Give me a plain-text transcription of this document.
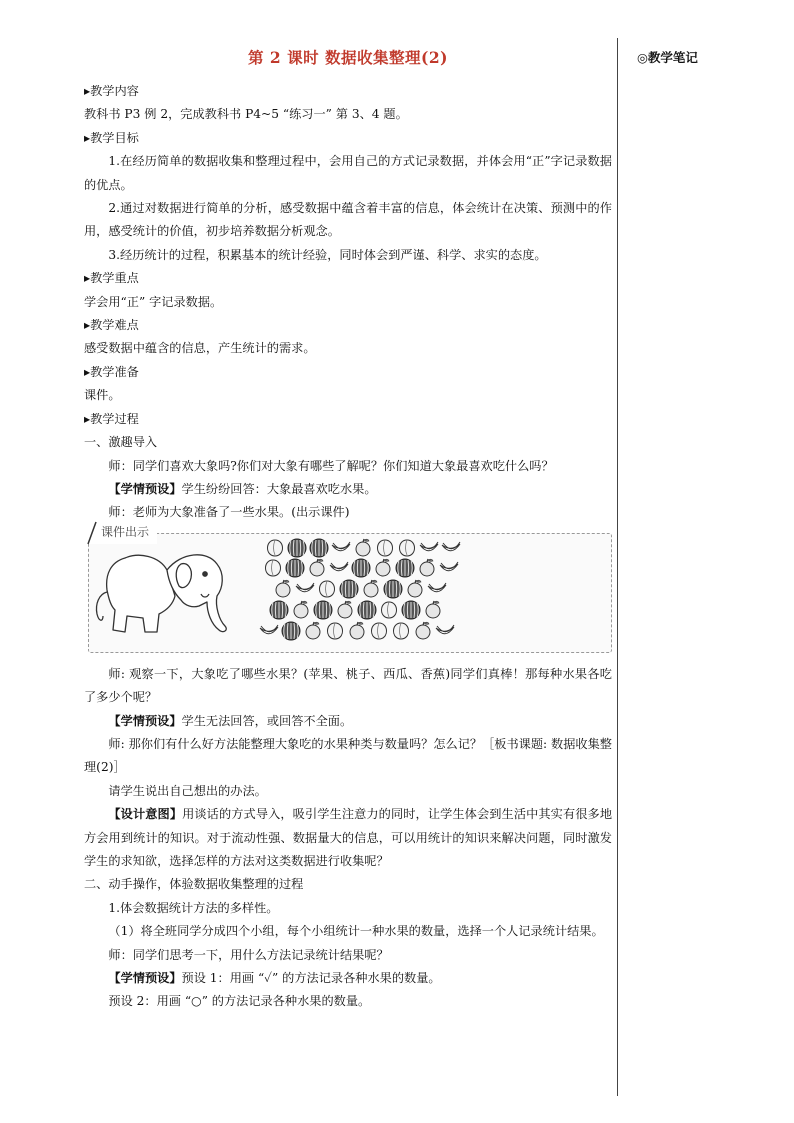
◎教学笔记
第 2 课时 数据收集整理(2)

▸教学内容

教科书 P3 例 2，完成教科书 P4~5 “练习一” 第 3、4 题。

▸教学目标

1.在经历简单的数据收集和整理过程中，会用自己的方式记录数据，并体会用“正”字记录数据的优点。

2.通过对数据进行简单的分析，感受数据中蕴含着丰富的信息，体会统计在决策、预测中的作用，感受统计的价值，初步培养数据分析观念。

3.经历统计的过程，积累基本的统计经验，同时体会到严谨、科学、求实的态度。

▸教学重点

学会用“正” 字记录数据。

▸教学难点

感受数据中蕴含的信息，产生统计的需求。

▸教学准备

课件。

▸教学过程

一、激趣导入

师：同学们喜欢大象吗?你们对大象有哪些了解呢？你们知道大象最喜欢吃什么吗？

【学情预设】学生纷纷回答：大象最喜欢吃水果。

师：老师为大象准备了一些水果。(出示课件)

课件出示

师: 观察一下，大象吃了哪些水果？(苹果、桃子、西瓜、香蕉)同学们真棒！那每种水果各吃了多少个呢？

【学情预设】学生无法回答，或回答不全面。

师: 那你们有什么好方法能整理大象吃的水果种类与数量吗？怎么记？［板书课题: 数据收集整理(2)］

请学生说出自己想出的办法。

【设计意图】用谈话的方式导入，吸引学生注意力的同时，让学生体会到生活中其实有很多地方会用到统计的知识。对于流动性强、数据量大的信息，可以用统计的知识来解决问题，同时激发学生的求知欲，选择怎样的方法对这类数据进行收集呢？

二、动手操作，体验数据收集整理的过程

1.体会数据统计方法的多样性。

（1）将全班同学分成四个小组，每个小组统计一种水果的数量，选择一个人记录统计结果。

师：同学们思考一下，用什么方法记录统计结果呢？

【学情预设】预设 1：用画 “✓” 的方法记录各种水果的数量。

预设 2：用画 “○” 的方法记录各种水果的数量。
